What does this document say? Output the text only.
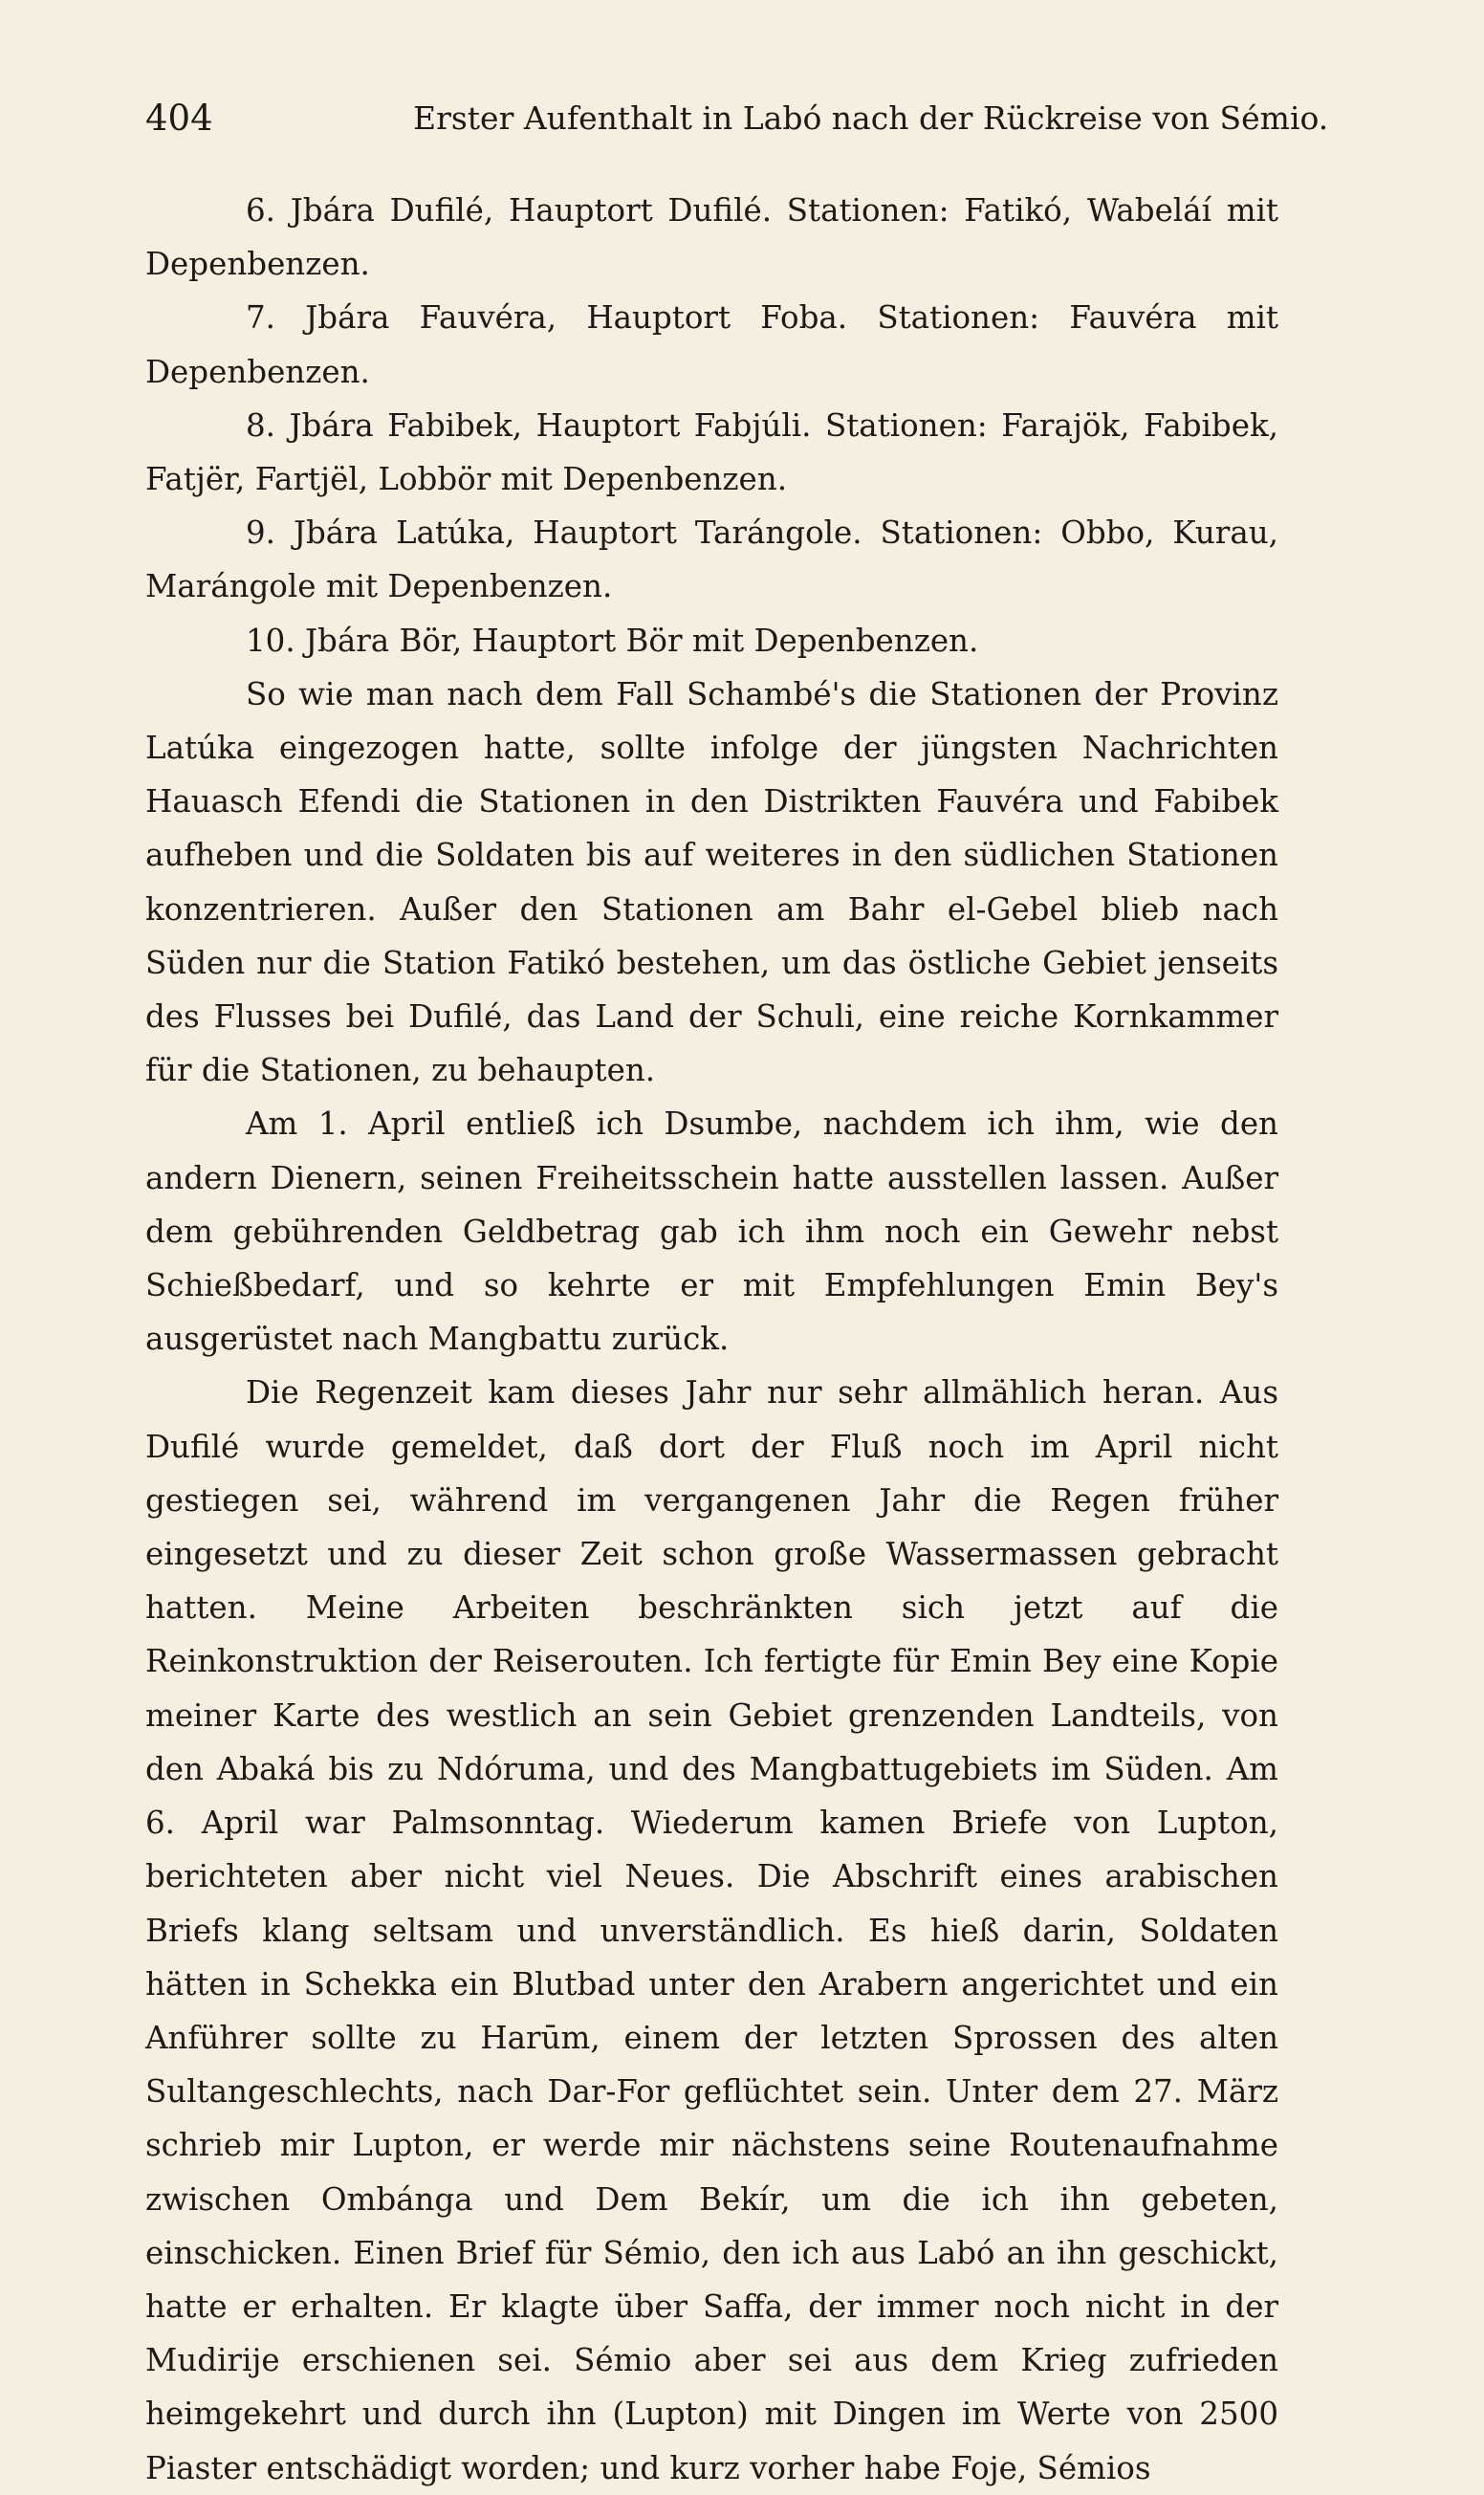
404	Erster Aufenthalt in Labó nach der Rückreise von Sémio.

6. Jbára Dufilé, Hauptort Dufilé. Stationen: Fatikó, Wabeláí mit Depenbenzen.

7. Jbára Fauvéra, Hauptort Foba. Stationen: Fauvéra mit Depenbenzen.

8. Jbára Fabibek, Hauptort Fabjúli. Stationen: Farajök, Fabibek, Fatjër, Fartjël, Lobbör mit Depenbenzen.

9. Jbára Latúka, Hauptort Tarángole. Stationen: Obbo, Kurau, Marángole mit Depenbenzen.

10. Jbára Bör, Hauptort Bör mit Depenbenzen.

So wie man nach dem Fall Schambé's die Stationen der Provinz Latúka eingezogen hatte, sollte infolge der jüngsten Nachrichten Hauasch Efendi die Stationen in den Distrikten Fauvéra und Fabibek aufheben und die Soldaten bis auf weiteres in den südlichen Stationen konzentrieren. Außer den Stationen am Bahr el-Gebel blieb nach Süden nur die Station Fatikó bestehen, um das östliche Gebiet jenseits des Flusses bei Dufilé, das Land der Schuli, eine reiche Kornkammer für die Stationen, zu behaupten.

Am 1. April entließ ich Dsumbe, nachdem ich ihm, wie den andern Dienern, seinen Freiheitsschein hatte ausstellen lassen. Außer dem gebührenden Geldbetrag gab ich ihm noch ein Gewehr nebst Schießbedarf, und so kehrte er mit Empfehlungen Emin Bey's ausgerüstet nach Mangbattu zurück.

Die Regenzeit kam dieses Jahr nur sehr allmählich heran. Aus Dufilé wurde gemeldet, daß dort der Fluß noch im April nicht gestiegen sei, während im vergangenen Jahr die Regen früher eingesetzt und zu dieser Zeit schon große Wassermassen gebracht hatten. Meine Arbeiten beschränkten sich jetzt auf die Reinkonstruktion der Reiserouten. Ich fertigte für Emin Bey eine Kopie meiner Karte des westlich an sein Gebiet grenzenden Landteils, von den Abaká bis zu Ndóruma, und des Mangbattugebiets im Süden. Am 6. April war Palmsonntag. Wiederum kamen Briefe von Lupton, berichteten aber nicht viel Neues. Die Abschrift eines arabischen Briefs klang seltsam und unverständlich. Es hieß darin, Soldaten hätten in Schekka ein Blutbad unter den Arabern angerichtet und ein Anführer sollte zu Harūm, einem der letzten Sprossen des alten Sultangeschlechts, nach Dar-For geflüchtet sein. Unter dem 27. März schrieb mir Lupton, er werde mir nächstens seine Routenaufnahme zwischen Ombánga und Dem Bekír, um die ich ihn gebeten, einschicken. Einen Brief für Sémio, den ich aus Labó an ihn geschickt, hatte er erhalten. Er klagte über Saffa, der immer noch nicht in der Mudirije erschienen sei. Sémio aber sei aus dem Krieg zufrieden heimgekehrt und durch ihn (Lupton) mit Dingen im Werte von 2500 Piaster entschädigt worden; und kurz vorher habe Foje, Sémios
